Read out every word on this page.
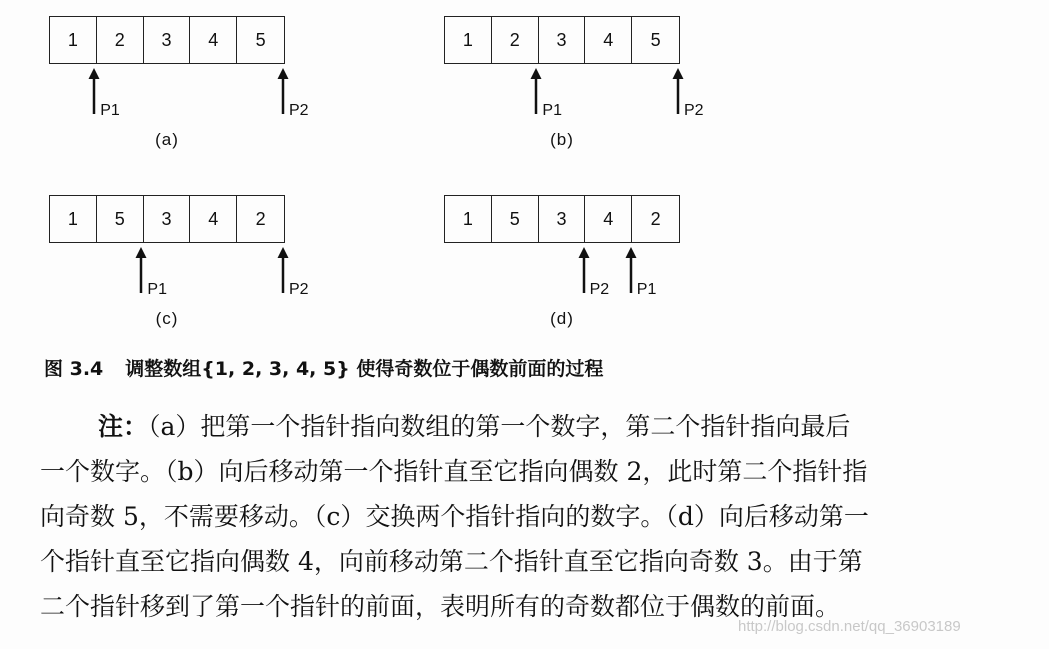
1	2	3	4	5
P1	P2
(a)
1	2	3	4	5
P1	P2
(b)
1	5	3	4	2
P1	P2
(c)
1	5	3	4	2
P2 P1
(d)
图 3.4 调整数组{1, 2, 3, 4, 5} 使得奇数位于偶数前面的过程
注：（a）把第一个指针指向数组的第一个数字，第二个指针指向最后
一个数字。（b）向后移动第一个指针直至它指向偶数 2，此时第二个指针指
向奇数 5，不需要移动。（c）交换两个指针指向的数字。（d）向后移动第一
个指针直至它指向偶数 4，向前移动第二个指针直至它指向奇数 3。由于第
二个指针移到了第一个指针的前面，表明所有的奇数都位于偶数的前面。
http://blog.csdn.net/qq_36903189
